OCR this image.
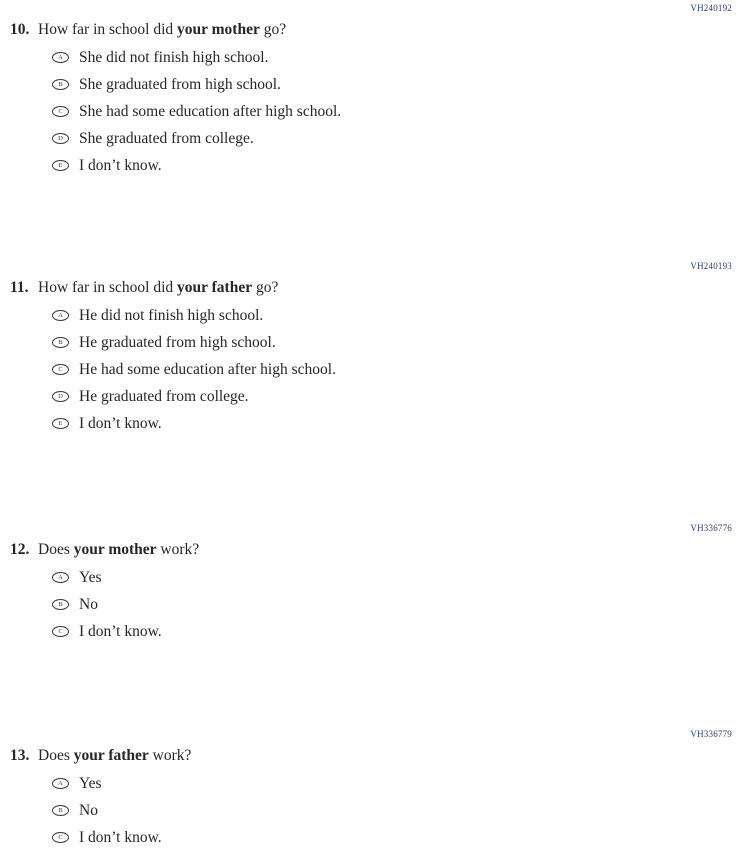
VH240192
10. How far in school did your mother go?
A	She did not finish high school.
B	She graduated from high school.
C	She had some education after high school.
D	She graduated from college.
E	I don’t know.
VH240193
11. How far in school did your father go?
A	He did not finish high school.
B	He graduated from high school.
C	He had some education after high school.
D	He graduated from college.
E	I don’t know.
VH336776
12. Does your mother work?
A	Yes
B	No
C	I don’t know.
VH336779
13. Does your father work?
A	Yes
B	No
C	I don’t know.
